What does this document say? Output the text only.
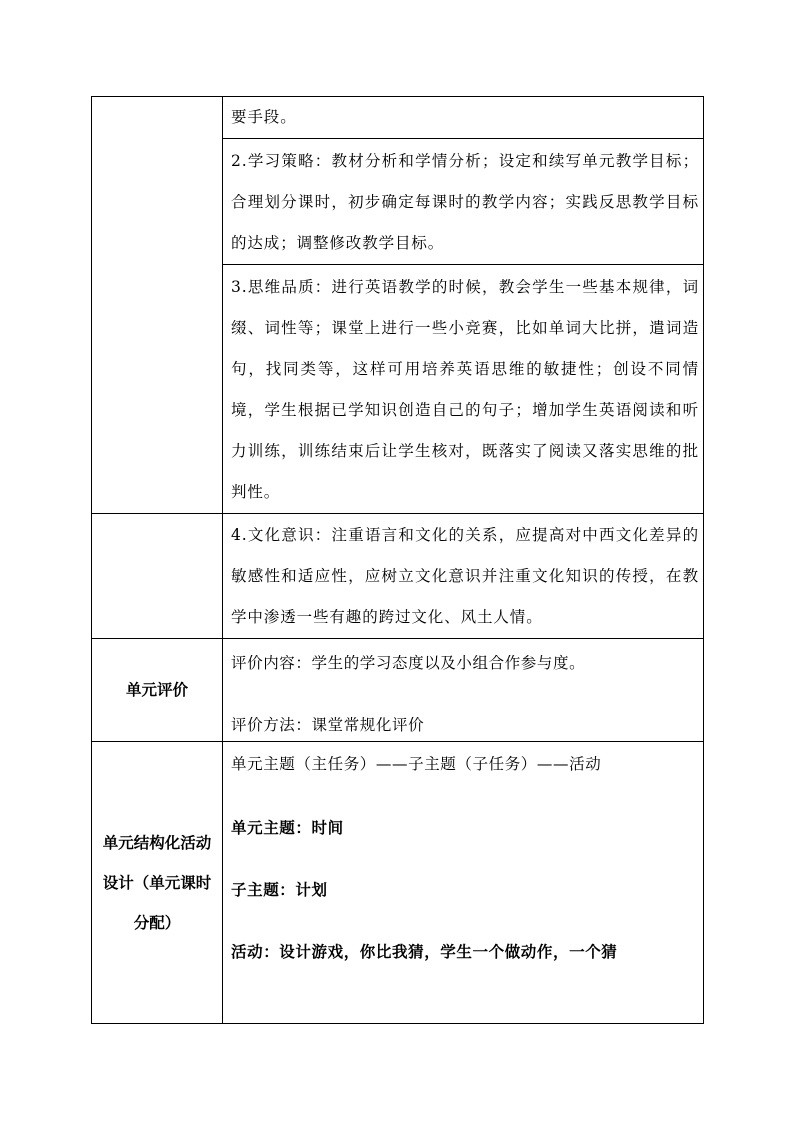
	要手段。

	2.学习策略：教材分析和学情分析；设定和续写单元教学目标；合理划分课时，初步确定每课时的教学内容；实践反思教学目标的达成；调整修改教学目标。

	3.思维品质：进行英语教学的时候，教会学生一些基本规律，词缀、词性等；课堂上进行一些小竞赛，比如单词大比拼，遣词造句，找同类等，这样可用培养英语思维的敏捷性；创设不同情境，学生根据已学知识创造自己的句子；增加学生英语阅读和听力训练，训练结束后让学生核对，既落实了阅读又落实思维的批判性。

	4.文化意识：注重语言和文化的关系，应提高对中西文化差异的敏感性和适应性，应树立文化意识并注重文化知识的传授，在教学中渗透一些有趣的跨过文化、风土人情。

单元评价	评价内容：学生的学习态度以及小组合作参与度。

评价方法：课堂常规化评价

单元结构化活动设计（单元课时分配）	单元主题（主任务）——子主题（子任务）——活动

单元主题：时间

子主题：计划

活动：设计游戏，你比我猜，学生一个做动作，一个猜
